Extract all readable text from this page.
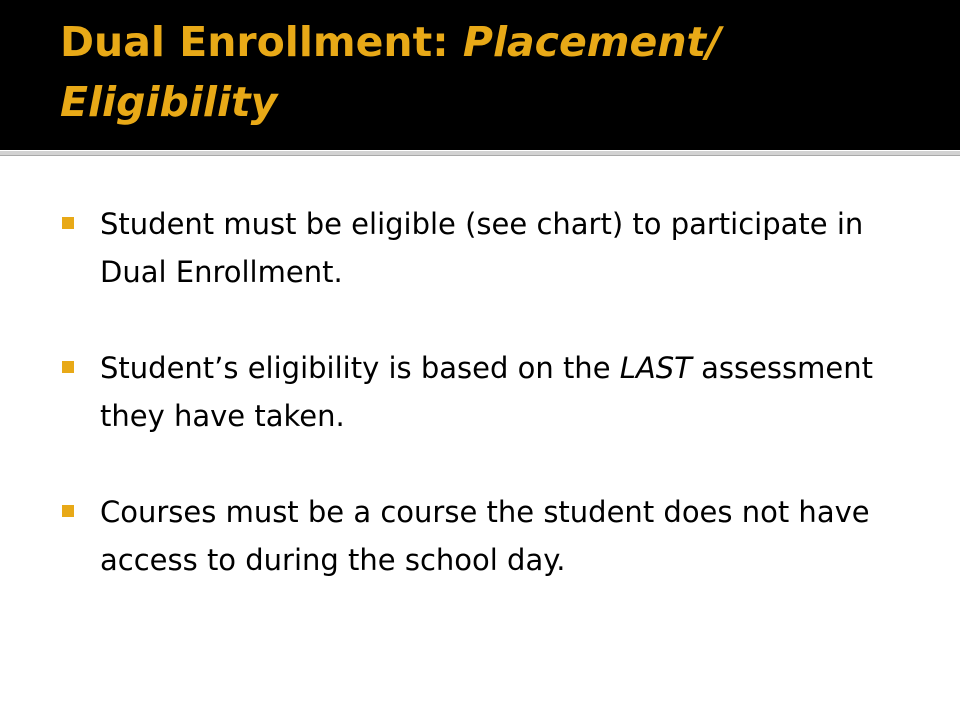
Dual Enrollment: Placement/ Eligibility
Student must be eligible (see chart) to participate in Dual Enrollment.
Student’s eligibility is based on the LAST assessment they have taken.
Courses must be a course the student does not have access to during the school day.
